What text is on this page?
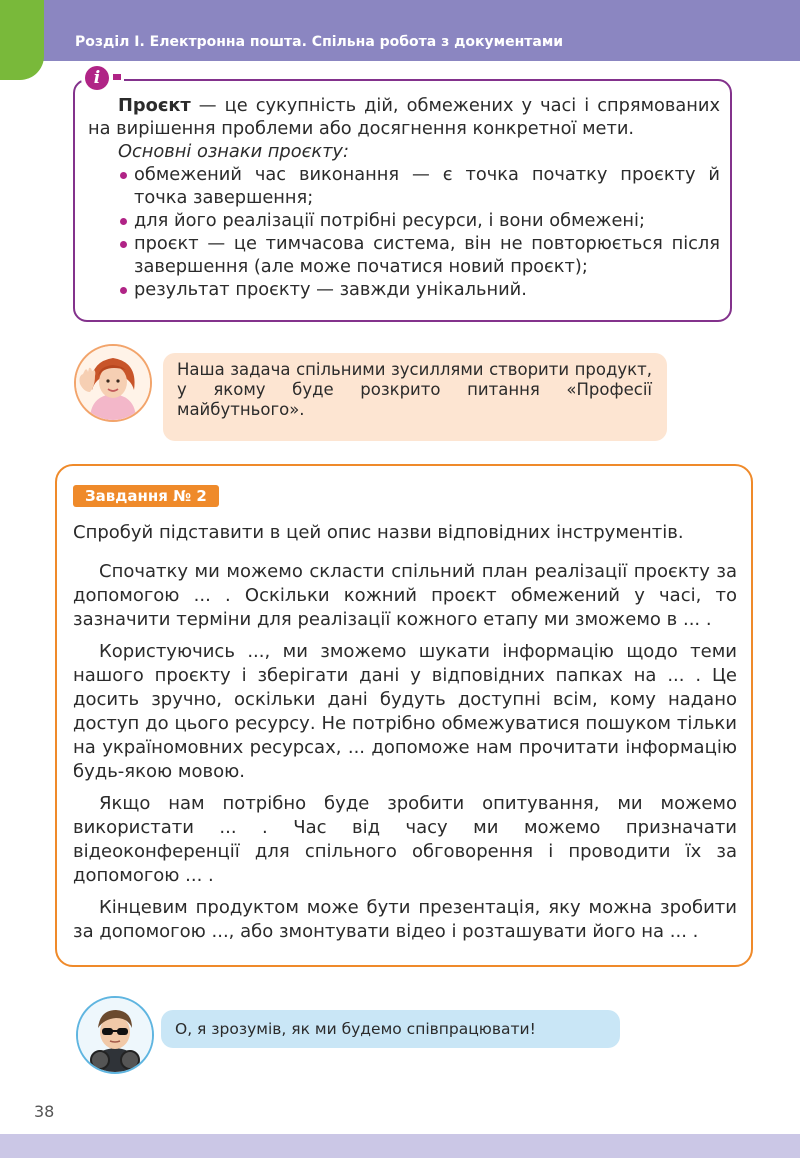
Розділ І. Електронна пошта. Спільна робота з документами
i

Проєкт — це сукупність дій, обмежених у часі і спрямованих на вирішення проблеми або досягнення конкретної мети.

Основні ознаки проєкту:

обмежений час виконання — є точка початку проєкту й точка завершення;
для його реалізації потрібні ресурси, і вони обмежені;
проєкт — це тимчасова система, він не повторюється після завершення (але може початися новий проєкт);
результат проєкту — завжди унікальний.
Наша задача спільними зусиллями створити продукт, у якому буде розкрито питання «Професії майбутнього».
Завдання № 2
Спробуй підставити в цей опис назви відповідних інструментів.

Спочатку ми можемо скласти спільний план реалізації проєкту за допомогою ... . Оскільки кожний проєкт обмежений у часі, то зазначити терміни для реалізації кожного етапу ми зможемо в ... .

Користуючись ..., ми зможемо шукати інформацію щодо теми нашого проєкту і зберігати дані у відповідних папках на ... . Це досить зручно, оскільки дані будуть доступні всім, кому надано доступ до цього ресурсу. Не потрібно обмежуватися пошуком тільки на україномовних ресурсах, ... допоможе нам прочитати інформацію будь-якою мовою.

Якщо нам потрібно буде зробити опитування, ми можемо використати ... . Час від часу ми можемо призначати відеоконференції для спільного обговорення і проводити їх за допомогою ... .

Кінцевим продуктом може бути презентація, яку можна зробити за допомогою ..., або змонтувати відео і розташувати його на ... .

О, я зрозумів, як ми будемо співпрацювати!
38
